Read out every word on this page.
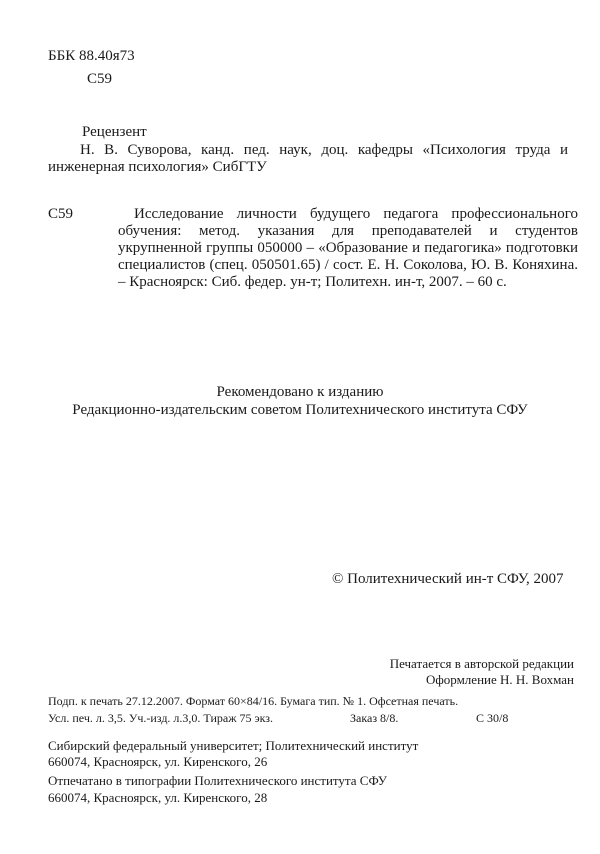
ББК 88.40я73
С59
Рецензент
Н. В. Суворова, канд. пед. наук, доц. кафедры «Психология труда и инженерная психология» СибГТУ
С59	Исследование личности будущего педагога профессионального обучения: метод. указания для преподавателей и студентов укрупненной группы 050000 – «Образование и педагогика» подготовки специалистов (спец. 050501.65) / сост. Е. Н. Соколова, Ю. В. Коняхина. – Красноярск: Сиб. федер. ун-т; Политехн. ин-т, 2007. – 60 с.
Рекомендовано к изданию
Редакционно-издательским советом Политехнического института СФУ
© Политехнический ин-т СФУ, 2007
Печатается в авторской редакции
Оформление Н. Н. Вохман
Подп. к печать 27.12.2007. Формат 60×84/16. Бумага тип. № 1. Офсетная печать.
Усл. печ. л. 3,5. Уч.-изд. л.3,0. Тираж 75 экз.	Заказ 8/8.	С 30/8
Сибирский федеральный университет; Политехнический институт
660074, Красноярск, ул. Киренского, 26
Отпечатано в типографии Политехнического института СФУ
660074, Красноярск, ул. Киренского, 28
